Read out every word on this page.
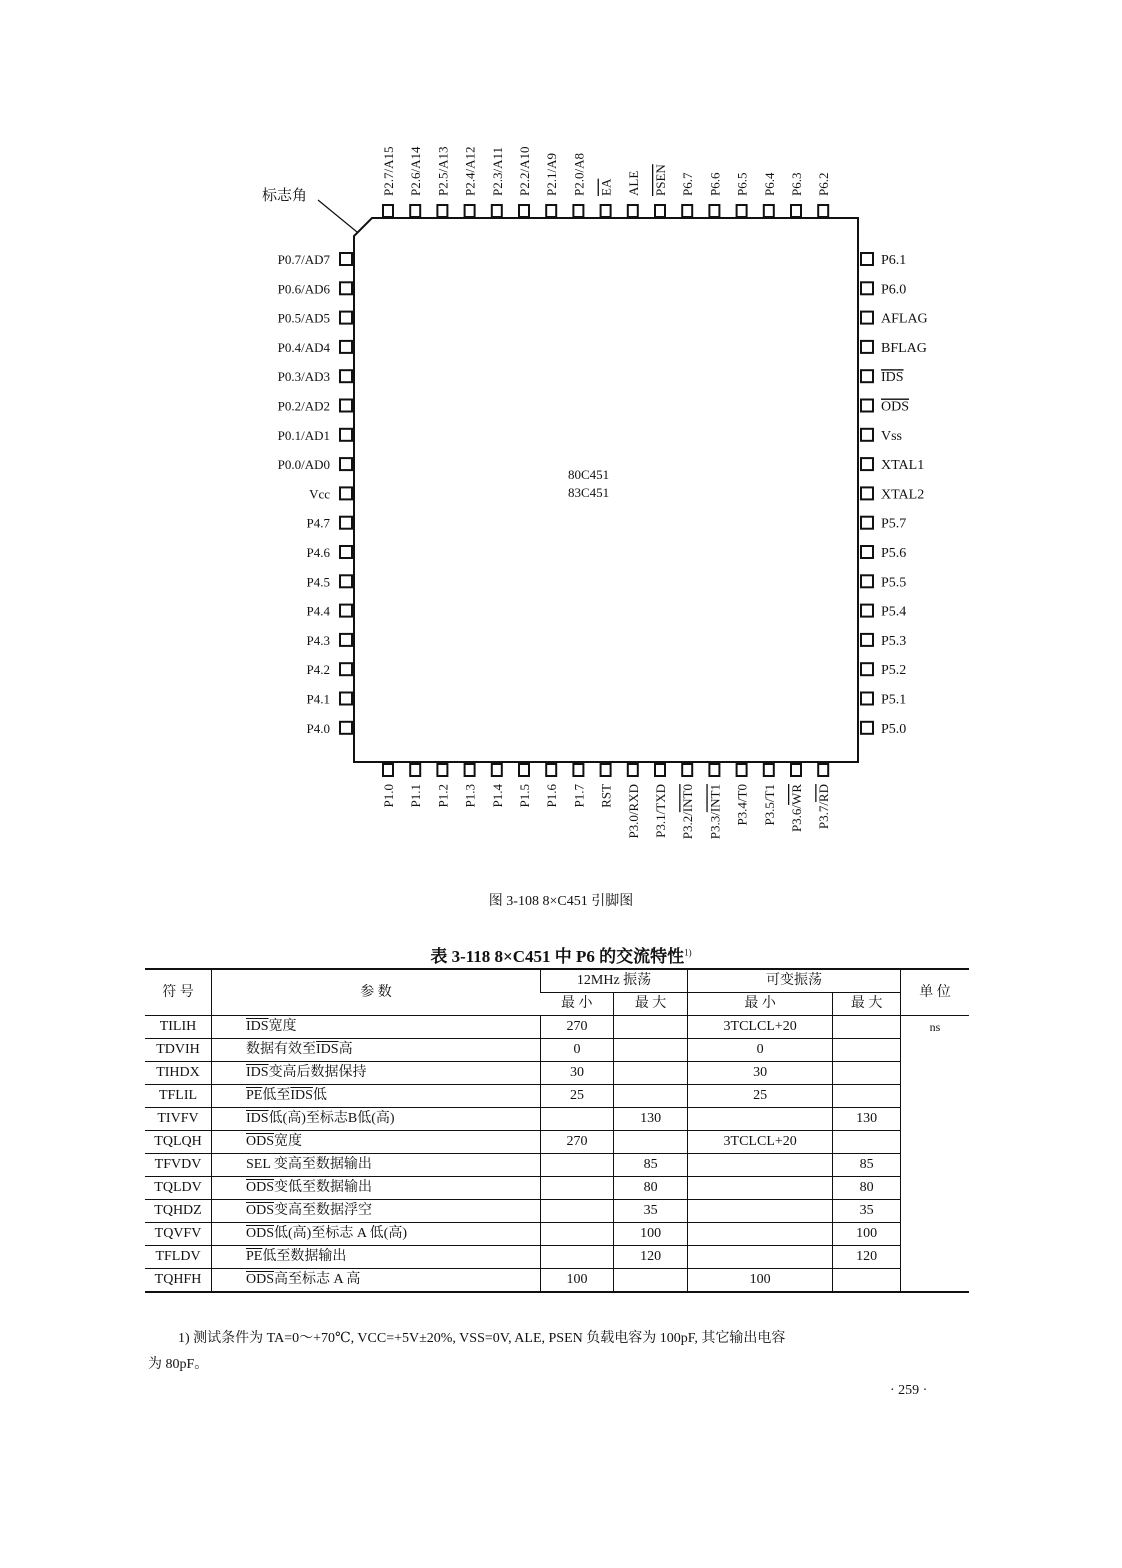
P2.7/A15 P2.6/A14 P2.5/A13 P2.4/A12 P2.3/A11 P2.2/A10 P2.1/A9 P2.0/A8 EA ALE PSEN P6.7 P6.6 P6.5 P6.4 P6.3 P6.2
P0.7/AD7
P0.6/AD6
P0.5/AD5
P0.4/AD4
P0.3/AD3
P0.2/AD2
P0.1/AD1
P0.0/AD0
Vcc
P4.7
P4.6
P4.5
P4.4
P4.3
P4.2
P4.1
P4.0
P6.1
P6.0
AFLAG
BFLAG
IDS
ODS
Vss
XTAL1
XTAL2
P5.7
P5.6
P5.5
P5.4
P5.3
P5.2
P5.1
P5.0
P1.0 P1.1 P1.2 P1.3 P1.4 P1.5 P1.6 P1.7 RST P3.0/RXD P3.1/TXD P3.2/INT0
P3.3/INT1 P3.4/T0 P3.5/T1 P3.6/WR
P3.7/RD
标志角
80C451
83C451
图 3-108 8×C451 引脚图
表 3-118 8×C451 中 P6 的交流特性$^{1)}$
符 号	参 数	12MHz 振荡		可变振荡		单 位
		最 小	最 大	最 小	最 大	
TILIH	$\overline{IDS}$宽度	270		3TCLCL+20		ns
TDVIH	数据有效至$\overline{IDS}$高	0		0		
TIHDX	$\overline{IDS}$变高后数据保持	30		30		
TFLIL	$\overline{PE}$低至$\overline{IDS}$低	25		25		
TIVFV	$\overline{IDS}$低(高)至标志B低(高)		130		130	
TQLQH	$\overline{ODS}$宽度	270		3TCLCL+20		
TFVDV	SEL 变高至数据输出		85		85	
TQLDV	$\overline{ODS}$变低至数据输出		80		80	
TQHDZ	$\overline{ODS}$变高至数据浮空		35		35	
TQVFV	$\overline{ODS}$低(高)至标志 A 低(高)		100		100	
TFLDV	$\overline{PE}$低至数据输出		120		120	
TQHFH	$\overline{ODS}$高至标志 A 高	100		100		
1) 测试条件为 TA=0～+70℃, VCC=+5V±20%, VSS=0V, ALE, PSEN 负载电容为 100pF, 其它输出电容
为 80pF。
· 259 ·
